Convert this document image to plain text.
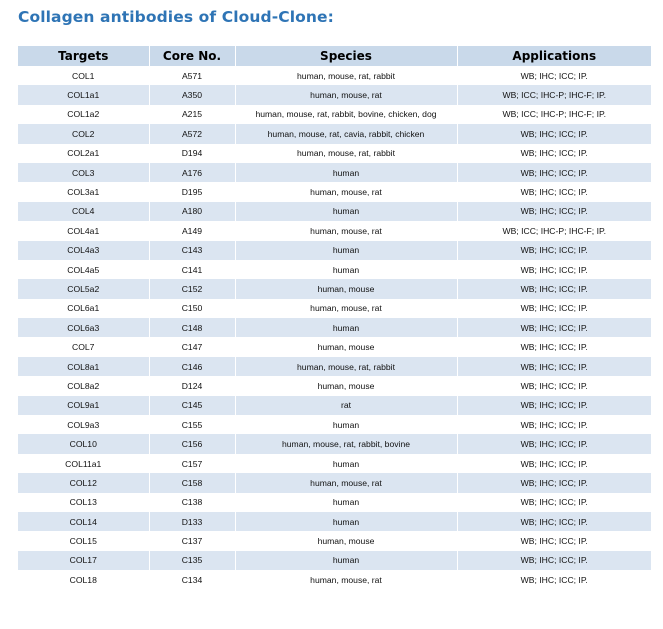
Collagen antibodies of Cloud-Clone:
Targets	Core No.	Species	Applications
COL1	A571	human, mouse, rat, rabbit	WB; IHC; ICC; IP.
COL1a1	A350	human, mouse, rat	WB; ICC; IHC-P; IHC-F; IP.
COL1a2	A215	human, mouse, rat, rabbit, bovine, chicken, dog	WB; ICC; IHC-P; IHC-F; IP.
COL2	A572	human, mouse, rat, cavia, rabbit, chicken	WB; IHC; ICC; IP.
COL2a1	D194	human, mouse, rat, rabbit	WB; IHC; ICC; IP.
COL3	A176	human	WB; IHC; ICC; IP.
COL3a1	D195	human, mouse, rat	WB; IHC; ICC; IP.
COL4	A180	human	WB; IHC; ICC; IP.
COL4a1	A149	human, mouse, rat	WB; ICC; IHC-P; IHC-F; IP.
COL4a3	C143	human	WB; IHC; ICC; IP.
COL4a5	C141	human	WB; IHC; ICC; IP.
COL5a2	C152	human, mouse	WB; IHC; ICC; IP.
COL6a1	C150	human, mouse, rat	WB; IHC; ICC; IP.
COL6a3	C148	human	WB; IHC; ICC; IP.
COL7	C147	human, mouse	WB; IHC; ICC; IP.
COL8a1	C146	human, mouse, rat, rabbit	WB; IHC; ICC; IP.
COL8a2	D124	human, mouse	WB; IHC; ICC; IP.
COL9a1	C145	rat	WB; IHC; ICC; IP.
COL9a3	C155	human	WB; IHC; ICC; IP.
COL10	C156	human, mouse, rat, rabbit, bovine	WB; IHC; ICC; IP.
COL11a1	C157	human	WB; IHC; ICC; IP.
COL12	C158	human, mouse, rat	WB; IHC; ICC; IP.
COL13	C138	human	WB; IHC; ICC; IP.
COL14	D133	human	WB; IHC; ICC; IP.
COL15	C137	human, mouse	WB; IHC; ICC; IP.
COL17	C135	human	WB; IHC; ICC; IP.
COL18	C134	human, mouse, rat	WB; IHC; ICC; IP.
